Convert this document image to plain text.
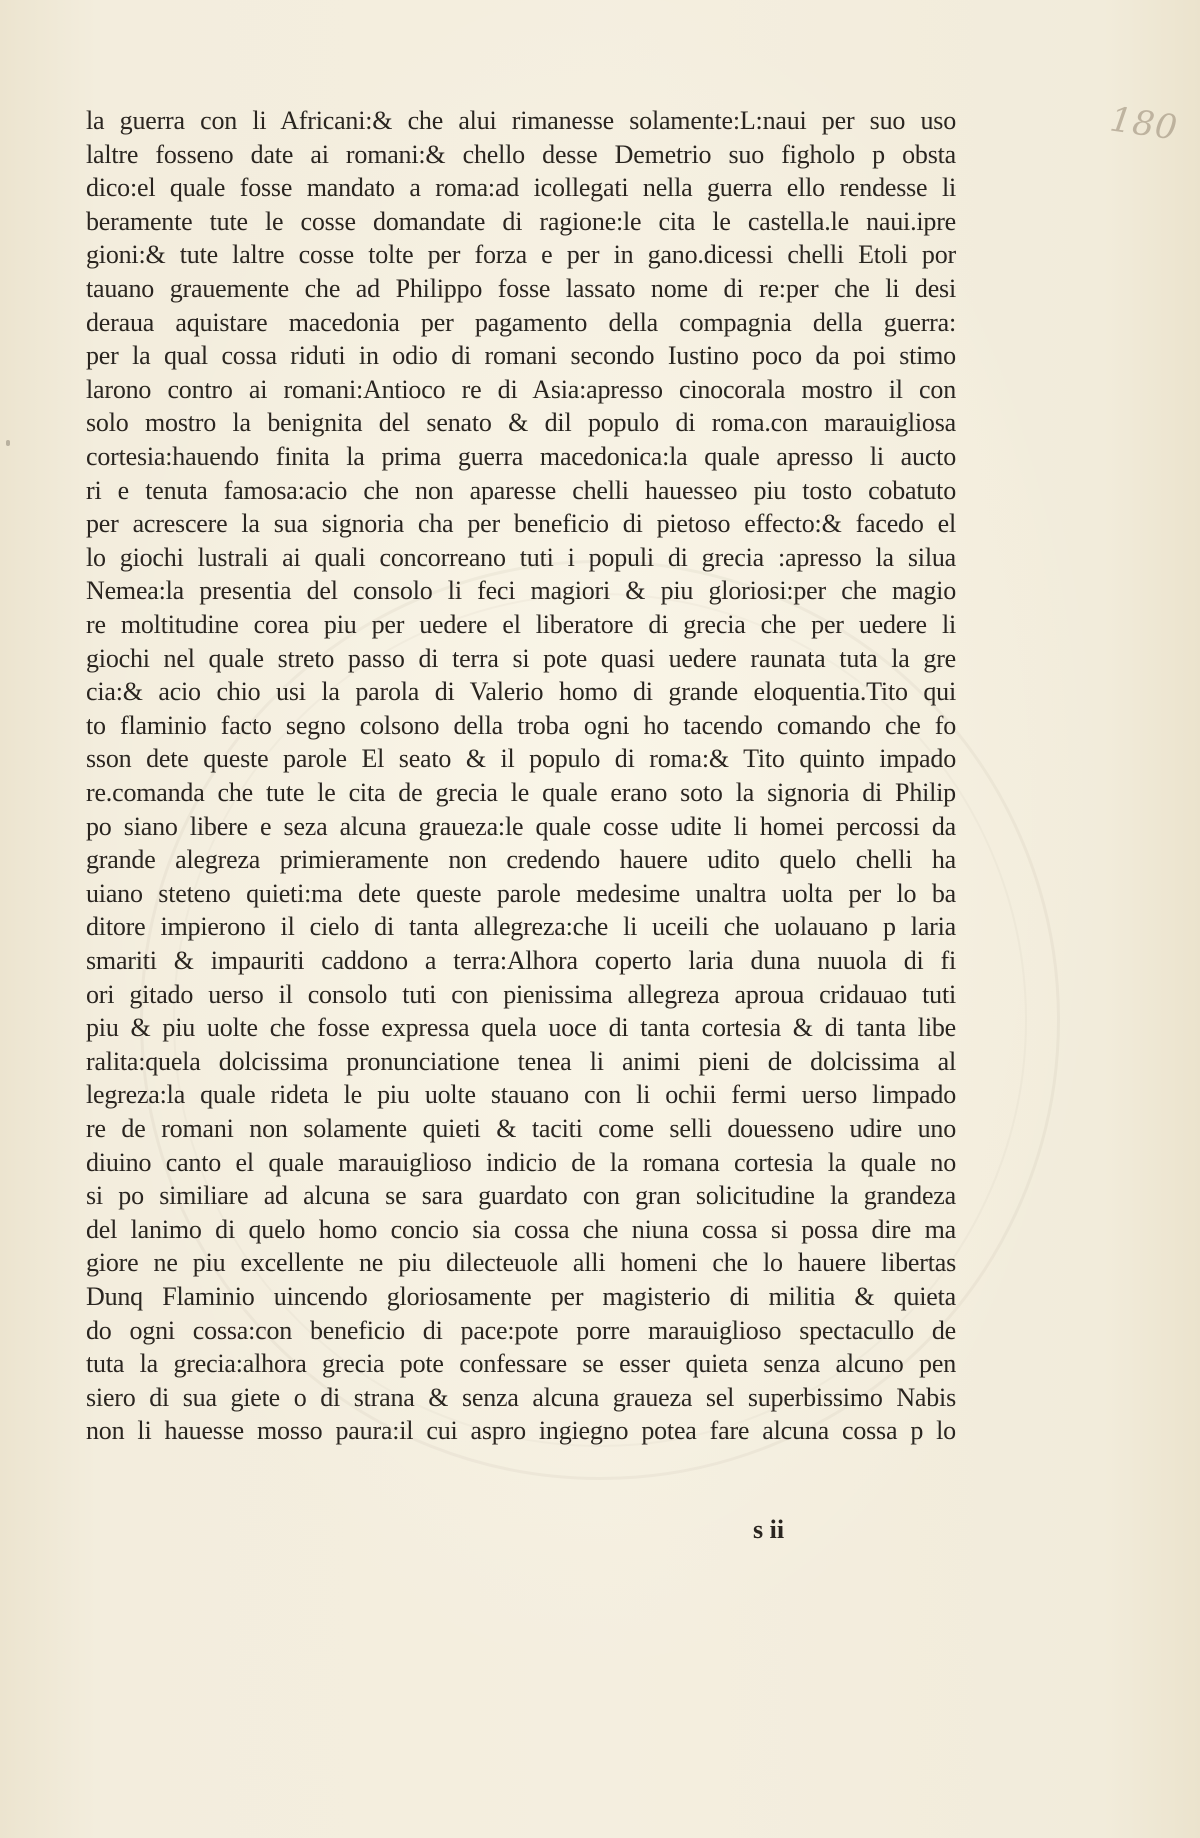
180
la guerra con li Africani:& che alui rimanesse solamente:L:naui per suo uso
laltre fosseno date ai romani:& chello desse Demetrio suo figholo p obsta
dico:el quale fosse mandato a roma:ad icollegati nella guerra ello rendesse li
beramente tute le cosse domandate di ragione:le cita le castella.le naui.ipre
gioni:& tute laltre cosse tolte per forza e per in gano.dicessi chelli Etoli por
tauano grauemente che ad Philippo fosse lassato nome di re:per che li desi
deraua aquistare macedonia per pagamento della compagnia della guerra:
per la qual cossa riduti in odio di romani secondo Iustino poco da poi stimo
larono contro ai romani:Antioco re di Asia:apresso cinocorala mostro il con
solo mostro la benignita del senato & dil populo di roma.con marauigliosa
cortesia:hauendo finita la prima guerra macedonica:la quale apresso li aucto
ri e tenuta famosa:acio che non aparesse chelli hauesseo piu tosto cobatuto
per acrescere la sua signoria cha per beneficio di pietoso effecto:& facedo el
lo giochi lustrali ai quali concorreano tuti i populi di grecia :apresso la silua
Nemea:la presentia del consolo li feci magiori & piu gloriosi:per che magio
re moltitudine corea piu per uedere el liberatore di grecia che per uedere li
giochi nel quale streto passo di terra si pote quasi uedere raunata tuta la gre
cia:& acio chio usi la parola di Valerio homo di grande eloquentia.Tito qui
to flaminio facto segno colsono della troba ogni ho tacendo comando che fo
sson dete queste parole El seato & il populo di roma:& Tito quinto impado
re.comanda che tute le cita de grecia le quale erano soto la signoria di Philip
po siano libere e seza alcuna graueza:le quale cosse udite li homei percossi da
grande alegreza primieramente non credendo hauere udito quelo chelli ha
uiano steteno quieti:ma dete queste parole medesime unaltra uolta per lo ba
ditore impierono il cielo di tanta allegreza:che li uceili che uolauano p laria
smariti & impauriti caddono a terra:Alhora coperto laria duna nuuola di fi
ori gitado uerso il consolo tuti con pienissima allegreza aproua cridauao tuti
piu & piu uolte che fosse expressa quela uoce di tanta cortesia & di tanta libe
ralita:quela dolcissima pronunciatione tenea li animi pieni de dolcissima al
legreza:la quale rideta le piu uolte stauano con li ochii fermi uerso limpado
re de romani non solamente quieti & taciti come selli douesseno udire uno
diuino canto el quale marauiglioso indicio de la romana cortesia la quale no
si po similiare ad alcuna se sara guardato con gran solicitudine la grandeza
del lanimo di quelo homo concio sia cossa che niuna cossa si possa dire ma
giore ne piu excellente ne piu dilecteuole alli homeni che lo hauere libertas
Dunq Flaminio uincendo gloriosamente per magisterio di militia & quieta
do ogni cossa:con beneficio di pace:pote porre marauiglioso spectacullo de
tuta la grecia:alhora grecia pote confessare se esser quieta senza alcuno pen
siero di sua giete o di strana & senza alcuna graueza sel superbissimo Nabis
non li hauesse mosso paura:il cui aspro ingiegno potea fare alcuna cossa p lo
s ii
